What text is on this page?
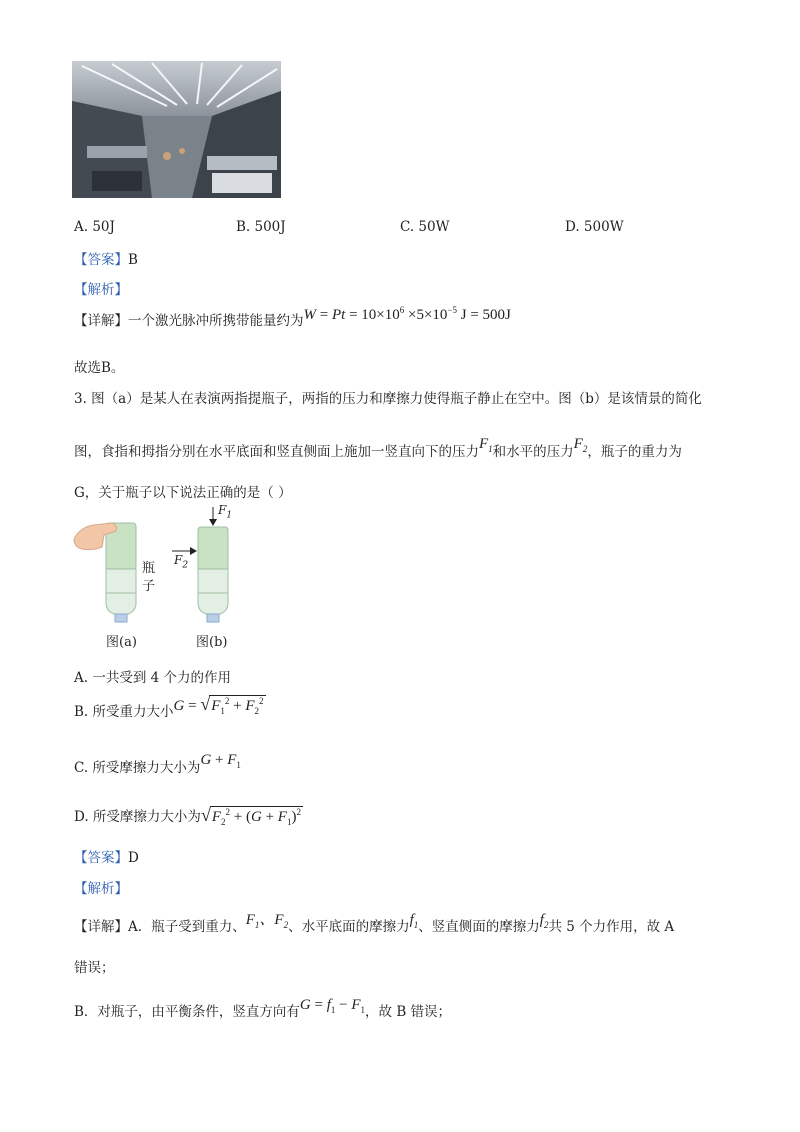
A. 50J	B. 500J	C. 50W	D. 500W
【答案】B
【解析】
【详解】一个激光脉冲所携带能量约为$W = Pt = 10\times 10^6 \times 5\times 10^{-5}$ J = 500J
故选B。
3. 图（a）是某人在表演两指提瓶子，两指的压力和摩擦力使得瓶子静止在空中。图（b）是该情景的简化
图，食指和拇指分别在水平底面和竖直侧面上施加一竖直向下的压力$F_1$和水平的压力$F_2$，瓶子的重力为
G，关于瓶子以下说法正确的是（ ）
$F_1$
$F_2$
瓶
子
图(a)	图(b)
A. 一共受到 4 个力的作用
B. 所受重力大小$G = √F_1^2 + F_2^2$
C. 所受摩擦力大小为$G + F_1$
D. 所受摩擦力大小为$√F_2^2 + (G + F_1)^2$
【答案】D
【解析】
【详解】A．瓶子受到重力、$F_1$、$F_2$、水平底面的摩擦力$f_1$、竖直侧面的摩擦力$f_2$共 5 个力作用，故 A
错误；
B．对瓶子，由平衡条件，竖直方向有$G = f_1 - F_1$，故 B 错误；
